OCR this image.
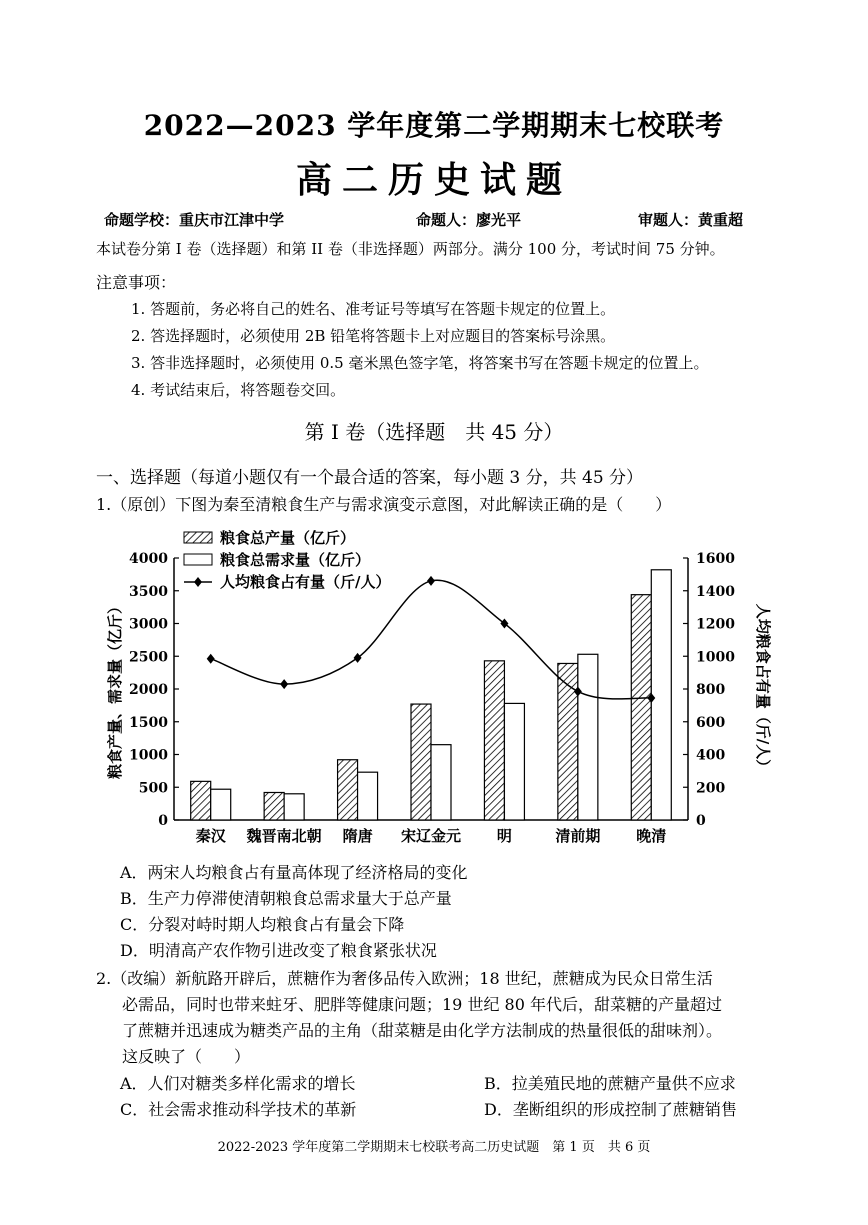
2022—2023 学年度第二学期期末七校联考
高二历史试题
命题学校：重庆市江津中学	命题人：廖光平	审题人：黄重超
本试卷分第 I 卷（选择题）和第 II 卷（非选择题）两部分。满分 100 分，考试时间 75 分钟。
注意事项：
1. 答题前，务必将自己的姓名、准考证号等填写在答题卡规定的位置上。
2. 答选择题时，必须使用 2B 铅笔将答题卡上对应题目的答案标号涂黑。
3. 答非选择题时，必须使用 0.5 毫米黑色签字笔，将答案书写在答题卡规定的位置上。
4. 考试结束后，将答题卷交回。
第 I 卷（选择题　共 45 分）
一、选择题（每道小题仅有一个最合适的答案，每小题 3 分，共 45 分）
1.（原创）下图为秦至清粮食生产与需求演变示意图，对此解读正确的是（　　）
0
500
1000
1500
2000
2500
3000
3500
4000
0
200
400
600
800
1000
1200
1400
1600
粮食产量、需求量（亿斤）	人均粮食占有量（斤/人）
秦汉 魏晋南北朝 隋唐 宋辽金元 明	清前期 晚清
粮食总产量（亿斤）
粮食总需求量（亿斤）
人均粮食占有量（斤/人）
A．两宋人均粮食占有量高体现了经济格局的变化
B．生产力停滞使清朝粮食总需求量大于总产量
C．分裂对峙时期人均粮食占有量会下降
D．明清高产农作物引进改变了粮食紧张状况
2.（改编）新航路开辟后，蔗糖作为奢侈品传入欧洲；18 世纪，蔗糖成为民众日常生活
必需品，同时也带来蛀牙、肥胖等健康问题；19 世纪 80 年代后，甜菜糖的产量超过
了蔗糖并迅速成为糖类产品的主角（甜菜糖是由化学方法制成的热量很低的甜味剂）。
这反映了（　　）
A．人们对糖类多样化需求的增长	B．拉美殖民地的蔗糖产量供不应求
C．社会需求推动科学技术的革新	D．垄断组织的形成控制了蔗糖销售
2022-2023 学年度第二学期期末七校联考高二历史试题　第 1 页　共 6 页
